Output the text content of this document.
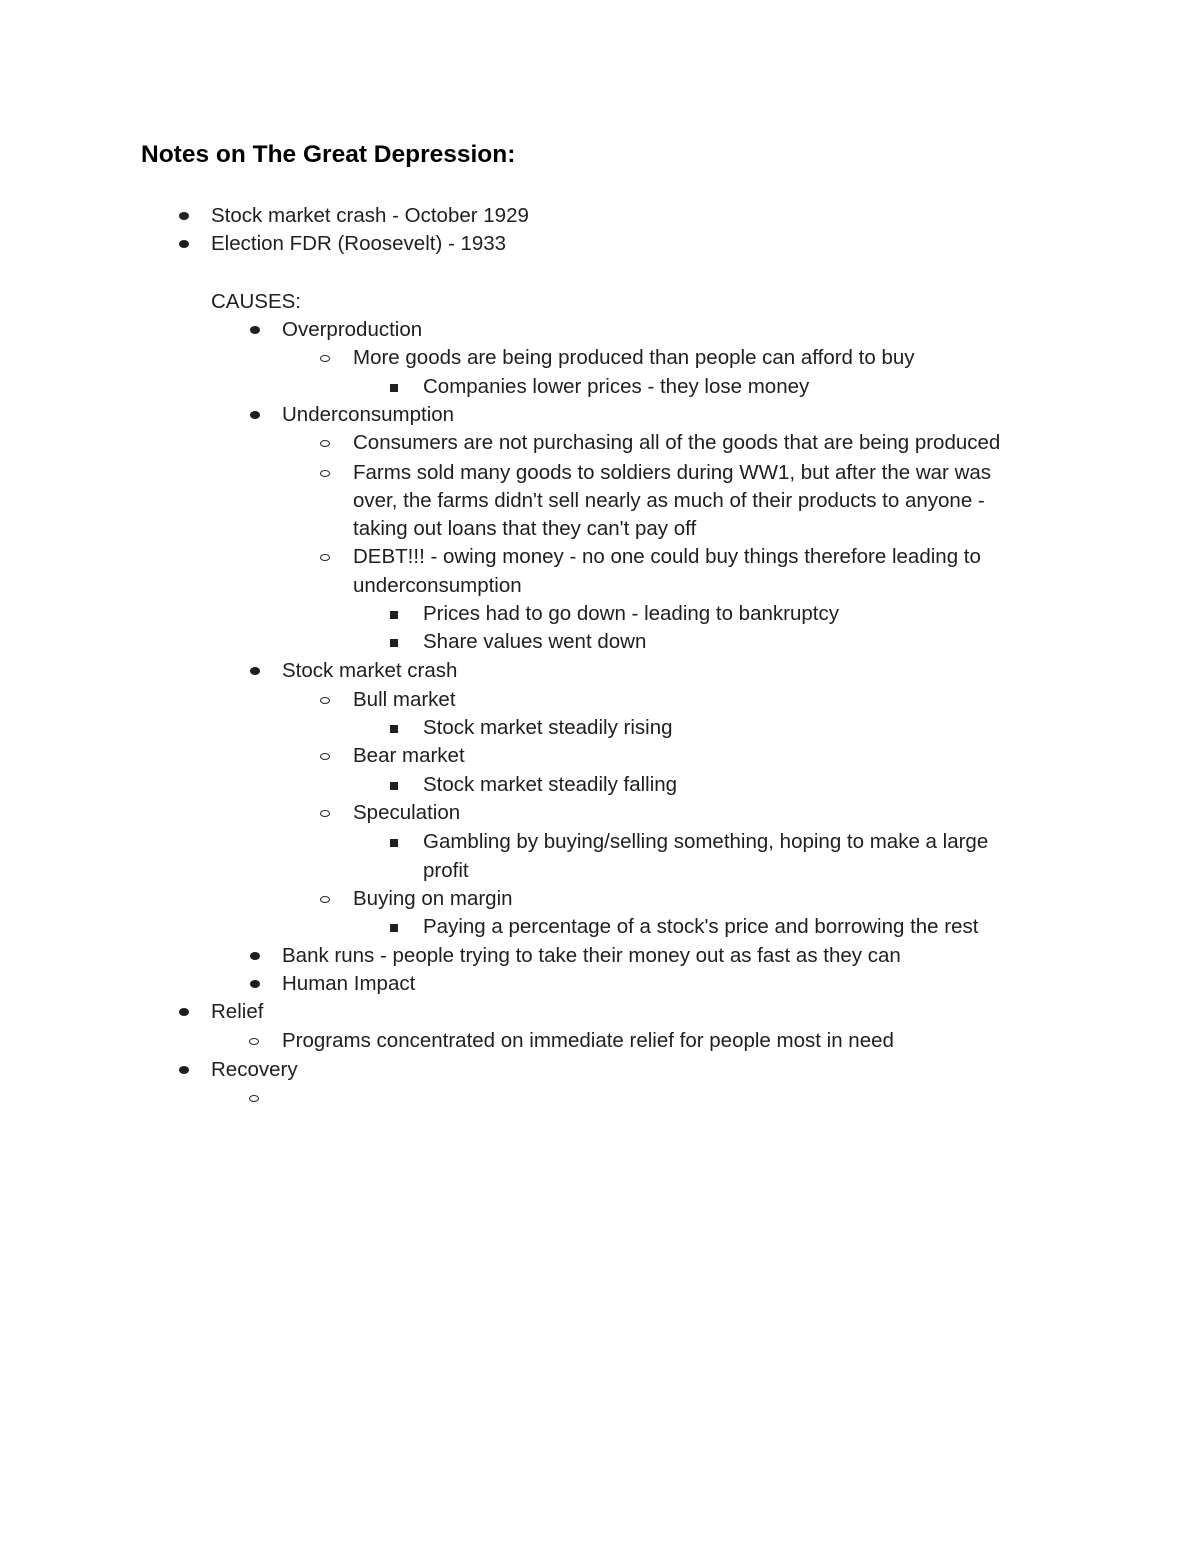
Notes on The Great Depression:
Stock market crash - October 1929
Election FDR (Roosevelt) - 1933
CAUSES:
Overproduction
More goods are being produced than people can afford to buy
Companies lower prices - they lose money
Underconsumption
Consumers are not purchasing all of the goods that are being produced
Farms sold many goods to soldiers during WW1, but after the war was
over, the farms didn't sell nearly as much of their products to anyone -
taking out loans that they can't pay off
DEBT!!! - owing money - no one could buy things therefore leading to
underconsumption
Prices had to go down - leading to bankruptcy
Share values went down
Stock market crash
Bull market
Stock market steadily rising
Bear market
Stock market steadily falling
Speculation
Gambling by buying/selling something, hoping to make a large
profit
Buying on margin
Paying a percentage of a stock's price and borrowing the rest
Bank runs - people trying to take their money out as fast as they can
Human Impact
Relief
Programs concentrated on immediate relief for people most in need
Recovery
